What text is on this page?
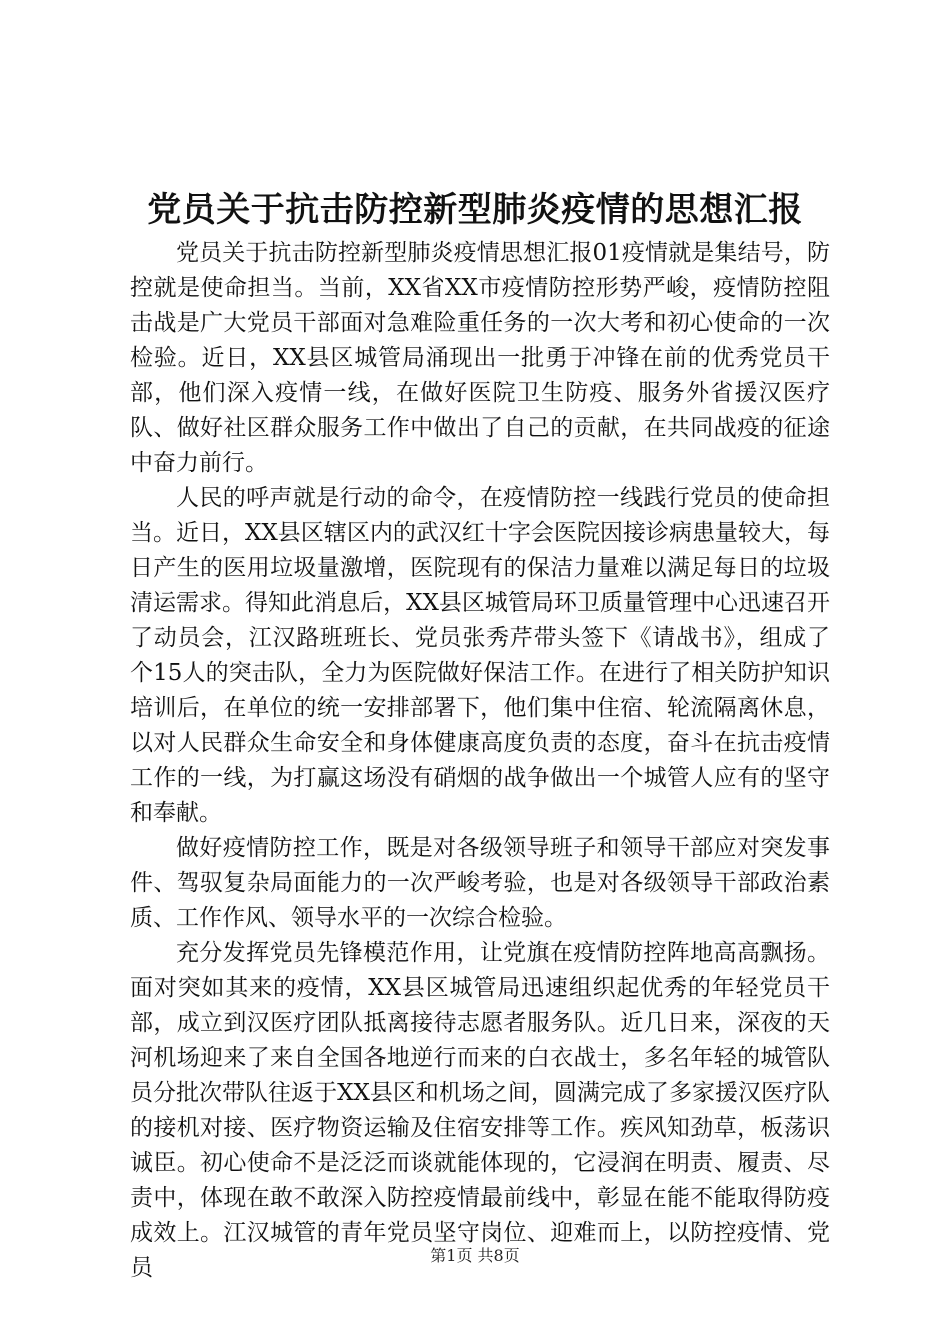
党员关于抗击防控新型肺炎疫情的思想汇报

党员关于抗击防控新型肺炎疫情思想汇报01疫情就是集结号，防控就是使命担当。当前，XX省XX市疫情防控形势严峻，疫情防控阻击战是广大党员干部面对急难险重任务的一次大考和初心使命的一次检验。近日，XX县区城管局涌现出一批勇于冲锋在前的优秀党员干部，他们深入疫情一线，在做好医院卫生防疫、服务外省援汉医疗队、做好社区群众服务工作中做出了自己的贡献，在共同战疫的征途中奋力前行。

人民的呼声就是行动的命令，在疫情防控一线践行党员的使命担当。近日，XX县区辖区内的武汉红十字会医院因接诊病患量较大，每日产生的医用垃圾量激增，医院现有的保洁力量难以满足每日的垃圾清运需求。得知此消息后，XX县区城管局环卫质量管理中心迅速召开了动员会，江汉路班班长、党员张秀芹带头签下《请战书》，组成了个15人的突击队，全力为医院做好保洁工作。在进行了相关防护知识培训后，在单位的统一安排部署下，他们集中住宿、轮流隔离休息，以对人民群众生命安全和身体健康高度负责的态度，奋斗在抗击疫情工作的一线，为打赢这场没有硝烟的战争做出一个城管人应有的坚守和奉献。

做好疫情防控工作，既是对各级领导班子和领导干部应对突发事件、驾驭复杂局面能力的一次严峻考验，也是对各级领导干部政治素质、工作作风、领导水平的一次综合检验。

充分发挥党员先锋模范作用，让党旗在疫情防控阵地高高飘扬。面对突如其来的疫情，XX县区城管局迅速组织起优秀的年轻党员干部，成立到汉医疗团队抵离接待志愿者服务队。近几日来，深夜的天河机场迎来了来自全国各地逆行而来的白衣战士，多名年轻的城管队员分批次带队往返于XX县区和机场之间，圆满完成了多家援汉医疗队的接机对接、医疗物资运输及住宿安排等工作。疾风知劲草，板荡识诚臣。初心使命不是泛泛而谈就能体现的，它浸润在明责、履责、尽责中，体现在敢不敢深入防控疫情最前线中，彰显在能不能取得防疫成效上。江汉城管的青年党员坚守岗位、迎难而上，以防控疫情、党员	第1页 共8页
